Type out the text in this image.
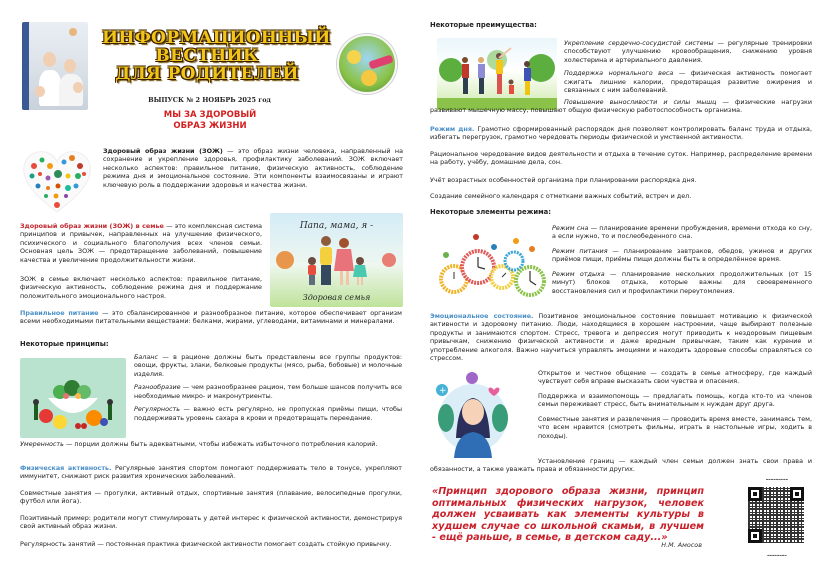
ИНФОРМАЦИОННЫЙ
ВЕСТНИК
ДЛЯ РОДИТЕЛЕЙ
ВЫПУСК № 2 НОЯБРЬ 2025 год
МЫ ЗА ЗДОРОВЫЙ
ОБРАЗ ЖИЗНИ

Здоровый образ жизни (ЗОЖ) — это образ жизни человека, направленный на сохранение и укрепление здоровья, профилактику заболеваний. ЗОЖ включает несколько аспектов: правильное питание, физическую активность, соблюдение режима дня и эмоциональное состояние. Эти компоненты взаимосвязаны и играют ключевую роль в поддержании здоровья и качества жизни.

Здоровый образ жизни (ЗОЖ) в семье — это комплексная система принципов и привычек, направленных на улучшение физического, психического и социального благополучия всех членов семьи. Основная цель ЗОЖ — предотвращение заболеваний, повышение качества и увеличение продолжительности жизни.

ЗОЖ в семье включает несколько аспектов: правильное питание, физическую активность, соблюдение режима дня и поддержание положительного эмоционального настроя.

Папа, мама, я -
Здоровая семья

Правильное питание — это сбалансированное и разнообразное питание, которое обеспечивает организм всеми необходимыми питательными веществами: белками, жирами, углеводами, витаминами и минералами.

Некоторые принципы:

Баланс — в рационе должны быть представлены все группы продуктов: овощи, фрукты, злаки, белковые продукты (мясо, рыба, бобовые) и молочные изделия.

Разнообразие — чем разнообразнее рацион, тем больше шансов получить все необходимые микро- и макронутриенты.

Регулярность — важно есть регулярно, не пропуская приёмы пищи, чтобы поддерживать уровень сахара в крови и предотвращать переедание.

Умеренность — порции должны быть адекватными, чтобы избежать избыточного потребления калорий.

Физическая активность. Регулярные занятия спортом помогают поддерживать тело в тонусе, укрепляют иммунитет, снижают риск развития хронических заболеваний.

Совместные занятия — прогулки, активный отдых, спортивные занятия (плавание, велосипедные прогулки, футбол или йога).

Позитивный пример: родители могут стимулировать у детей интерес к физической активности, демонстрируя свой активный образ жизни.

Регулярность занятий — постоянная практика физической активности помогает создать стойкую привычку.

Некоторые преимущества:

Укрепление сердечно-сосудистой системы — регулярные тренировки способствуют улучшению кровообращения, снижению уровня холестерина и артериального давления.

Поддержка нормального веса — физическая активность помогает сжигать лишние калории, предотвращая развитие ожирения и связанных с ним заболеваний.

Повышение выносливости и силы мышц — физические нагрузки развивают мышечную массу, повышают общую физическую работоспособность организма.

Режим дня. Грамотно сформированный распорядок дня позволяет контролировать баланс труда и отдыха, избегать перегрузок, грамотно чередовать периоды физической и умственной активности.

Рациональное чередование видов деятельности и отдыха в течение суток. Например, распределение времени на работу, учёбу, домашние дела, сон.

Учёт возрастных особенностей организма при планировании распорядка дня.

Создание семейного календаря с отметками важных событий, встреч и дел.

Некоторые элементы режима:

Режим сна — планирование времени пробуждения, времени отхода ко сну, а если нужно, то и послеобеденного сна.

Режим питания — планирование завтраков, обедов, ужинов и других приёмов пищи, приёмы пищи должны быть в определённое время.

Режим отдыха — планирование нескольких продолжительных (от 15 минут) блоков отдыха, которые важны для своевременного восстановления сил и профилактики переутомления.

Эмоциональное состояние. Позитивное эмоциональное состояние повышает мотивацию к физической активности и здоровому питанию. Люди, находящиеся в хорошем настроении, чаще выбирают полезные продукты и занимаются спортом. Стресс, тревога и депрессия могут приводить к нездоровым пищевым привычкам, снижению физической активности и даже вредным привычкам, таким как курение и употребление алкоголя. Важно научиться управлять эмоциями и находить здоровые способы справляться со стрессом.

+

Открытое и честное общение — создать в семье атмосферу, где каждый чувствует себя вправе высказать свои чувства и опасения.

Поддержка и взаимопомощь — предлагать помощь, когда кто-то из членов семьи переживает стресс, быть внимательным к нуждам друг друга.

Совместные занятия и развлечения — проводить время вместе, занимаясь тем, что всем нравится (смотреть фильмы, играть в настольные игры, ходить в походы).

Установление границ — каждый член семьи должен знать свои права и обязанности, а также уважать права и обязанности других.

«Принцип здорового образа жизни, принцип оптимальных физических нагрузок, человек должен усваивать как элементы культуры в худшем случае со школьной скамьи, в лучшем - ещё раньше, в семье, в детском саду...»

Н.М. Амосов
▬▬▬▬▬▬▬▬▬
▬▬▬▬▬▬▬▬
